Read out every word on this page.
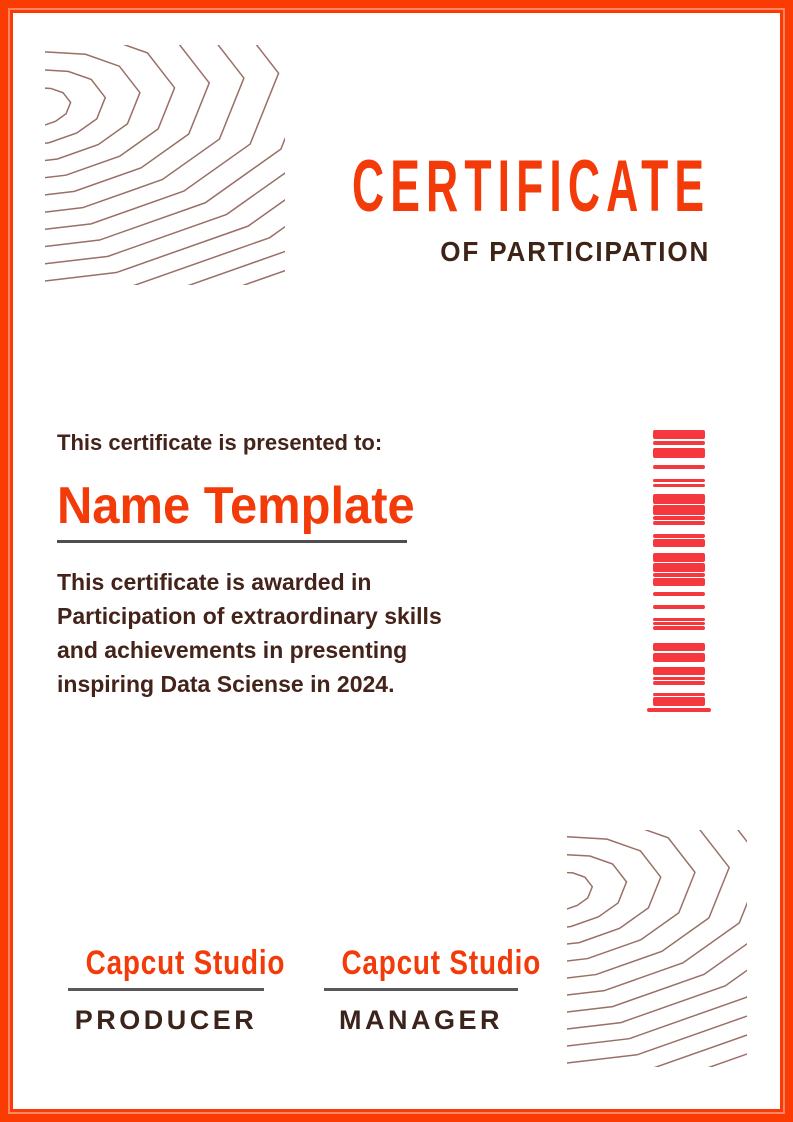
CERTIFICATE
OF PARTICIPATION
This certificate is presented to:
Name Template
This certificate is awarded in
Participation of extraordinary skills
and achievements in presenting
inspiring Data Sciense in 2024.
Capcut Studio
PRODUCER
Capcut Studio
MANAGER
